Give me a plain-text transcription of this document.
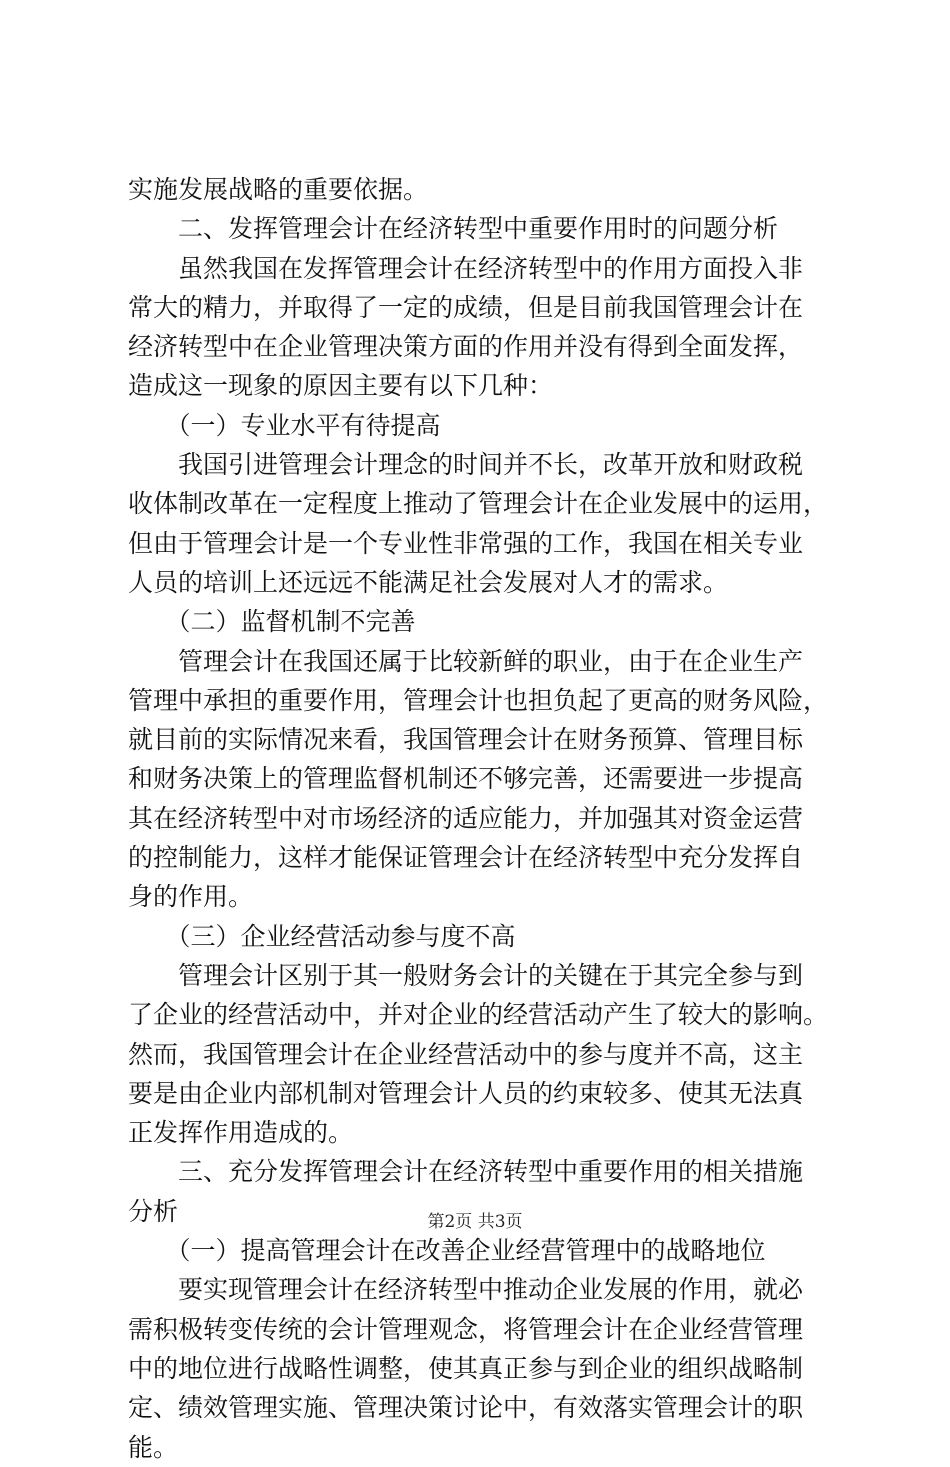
实施发展战略的重要依据。
　　二、发挥管理会计在经济转型中重要作用时的问题分析
　　虽然我国在发挥管理会计在经济转型中的作用方面投入非
常大的精力，并取得了一定的成绩，但是目前我国管理会计在
经济转型中在企业管理决策方面的作用并没有得到全面发挥，
造成这一现象的原因主要有以下几种：
　　（一）专业水平有待提高
　　我国引进管理会计理念的时间并不长，改革开放和财政税
收体制改革在一定程度上推动了管理会计在企业发展中的运用，
但由于管理会计是一个专业性非常强的工作，我国在相关专业
人员的培训上还远远不能满足社会发展对人才的需求。
　　（二）监督机制不完善
　　管理会计在我国还属于比较新鲜的职业，由于在企业生产
管理中承担的重要作用，管理会计也担负起了更高的财务风险，
就目前的实际情况来看，我国管理会计在财务预算、管理目标
和财务决策上的管理监督机制还不够完善，还需要进一步提高
其在经济转型中对市场经济的适应能力，并加强其对资金运营
的控制能力，这样才能保证管理会计在经济转型中充分发挥自
身的作用。
　　（三）企业经营活动参与度不高
　　管理会计区别于其一般财务会计的关键在于其完全参与到
了企业的经营活动中，并对企业的经营活动产生了较大的影响。
然而，我国管理会计在企业经营活动中的参与度并不高，这主
要是由企业内部机制对管理会计人员的约束较多、使其无法真
正发挥作用造成的。
　　三、充分发挥管理会计在经济转型中重要作用的相关措施
分析
　　（一）提高管理会计在改善企业经营管理中的战略地位
　　要实现管理会计在经济转型中推动企业发展的作用，就必
需积极转变传统的会计管理观念，将管理会计在企业经营管理
中的地位进行战略性调整，使其真正参与到企业的组织战略制
定、绩效管理实施、管理决策讨论中，有效落实管理会计的职
能。
第2页 共3页
